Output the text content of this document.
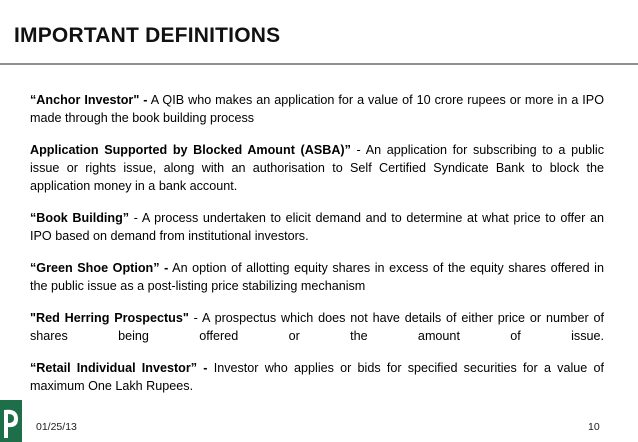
IMPORTANT DEFINITIONS

“Anchor Investor" - A QIB who makes an application for a value of 10 crore rupees or more in a IPO made through the book building process

Application Supported by Blocked Amount (ASBA)” - An application for subscribing to a public issue or rights issue, along with an authorisation to Self Certified Syndicate Bank to block the application money in a bank account.

“Book Building” - A process undertaken to elicit demand and to determine at what price to offer an IPO based on demand from institutional investors.

“Green Shoe Option” - An option of allotting equity shares in excess of the equity shares offered in the public issue as a post-listing price stabilizing mechanism

"Red Herring Prospectus" - A prospectus which does not have details of either price or number of shares being offered or the amount of issue.

“Retail Individual Investor” - Investor who applies or bids for specified securities for a value of maximum One Lakh Rupees.

01/25/13	10
